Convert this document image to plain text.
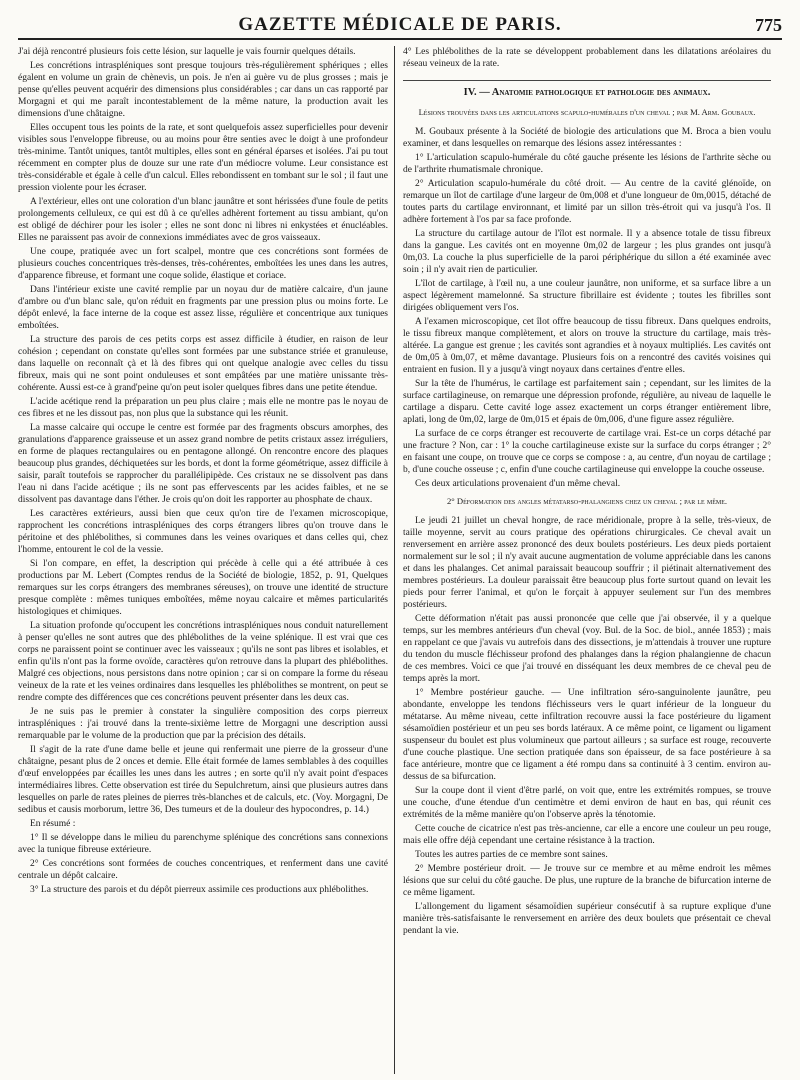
GAZETTE MÉDICALE DE PARIS.	775

J'ai déjà rencontré plusieurs fois cette lésion, sur laquelle je vais fournir quelques détails.

Les concrétions intraspléniques sont presque toujours très-régulièrement sphériques ; elles égalent en volume un grain de chènevis, un pois. Je n'en ai guère vu de plus grosses ; mais je pense qu'elles peuvent acquérir des dimensions plus considérables ; car dans un cas rapporté par Morgagni et qui me paraît incontestablement de la même nature, la production avait les dimensions d'une châtaigne.

Elles occupent tous les points de la rate, et sont quelquefois assez superficielles pour devenir visibles sous l'enveloppe fibreuse, ou au moins pour être senties avec le doigt à une profondeur très-minime. Tantôt uniques, tantôt multiples, elles sont en général éparses et isolées. J'ai pu tout récemment en compter plus de douze sur une rate d'un médiocre volume. Leur consistance est très-considérable et égale à celle d'un calcul. Elles rebondissent en tombant sur le sol ; il faut une pression violente pour les écraser.

A l'extérieur, elles ont une coloration d'un blanc jaunâtre et sont hérissées d'une foule de petits prolongements celluleux, ce qui est dû à ce qu'elles adhèrent fortement au tissu ambiant, qu'on est obligé de déchirer pour les isoler ; elles ne sont donc ni libres ni enkystées et énucléables. Elles ne paraissent pas avoir de connexions immédiates avec de gros vaisseaux.

Une coupe, pratiquée avec un fort scalpel, montre que ces concrétions sont formées de plusieurs couches concentriques très-denses, très-cohérentes, emboîtées les unes dans les autres, d'apparence fibreuse, et formant une coque solide, élastique et coriace.

Dans l'intérieur existe une cavité remplie par un noyau dur de matière calcaire, d'un jaune d'ambre ou d'un blanc sale, qu'on réduit en fragments par une pression plus ou moins forte. Le dépôt enlevé, la face interne de la coque est assez lisse, régulière et concentrique aux tuniques emboîtées.

La structure des parois de ces petits corps est assez difficile à étudier, en raison de leur cohésion ; cependant on constate qu'elles sont formées par une substance striée et granuleuse, dans laquelle on reconnaît çà et là des fibres qui ont quelque analogie avec celles du tissu fibreux, mais qui ne sont point onduleuses et sont empâtées par une matière unissante très-cohérente. Aussi est-ce à grand'peine qu'on peut isoler quelques fibres dans une petite étendue.

L'acide acétique rend la préparation un peu plus claire ; mais elle ne montre pas le noyau de ces fibres et ne les dissout pas, non plus que la substance qui les réunit.

La masse calcaire qui occupe le centre est formée par des fragments obscurs amorphes, des granulations d'apparence graisseuse et un assez grand nombre de petits cristaux assez irréguliers, en forme de plaques rectangulaires ou en pentagone allongé. On rencontre encore des plaques beaucoup plus grandes, déchiquetées sur les bords, et dont la forme géométrique, assez difficile à saisir, paraît toutefois se rapprocher du parallélipipède. Ces cristaux ne se dissolvent pas dans l'eau ni dans l'acide acétique ; ils ne sont pas effervescents par les acides faibles, et ne se dissolvent pas davantage dans l'éther. Je crois qu'on doit les rapporter au phosphate de chaux.

Les caractères extérieurs, aussi bien que ceux qu'on tire de l'examen microscopique, rapprochent les concrétions intraspléniques des corps étrangers libres qu'on trouve dans le péritoine et des phlébolithes, si communes dans les veines ovariques et dans celles qui, chez l'homme, entourent le col de la vessie.

Si l'on compare, en effet, la description qui précède à celle qui a été attribuée à ces productions par M. Lebert (Comptes rendus de la Société de biologie, 1852, p. 91, Quelques remarques sur les corps étrangers des membranes séreuses), on trouve une identité de structure presque complète : mêmes tuniques emboîtées, même noyau calcaire et mêmes particularités histologiques et chimiques.

La situation profonde qu'occupent les concrétions intraspléniques nous conduit naturellement à penser qu'elles ne sont autres que des phlébolithes de la veine splénique. Il est vrai que ces corps ne paraissent point se continuer avec les vaisseaux ; qu'ils ne sont pas libres et isolables, et enfin qu'ils n'ont pas la forme ovoïde, caractères qu'on retrouve dans la plupart des phlébolithes. Malgré ces objections, nous persistons dans notre opinion ; car si on compare la forme du réseau veineux de la rate et les veines ordinaires dans lesquelles les phlébolithes se montrent, on peut se rendre compte des différences que ces concrétions peuvent présenter dans les deux cas.

Je ne suis pas le premier à constater la singulière composition des corps pierreux intraspléniques : j'ai trouvé dans la trente-sixième lettre de Morgagni une description aussi remarquable par le volume de la production que par la précision des détails.

Il s'agit de la rate d'une dame belle et jeune qui renfermait une pierre de la grosseur d'une châtaigne, pesant plus de 2 onces et demie. Elle était formée de lames semblables à des coquilles d'œuf enveloppées par écailles les unes dans les autres ; en sorte qu'il n'y avait point d'espaces intermédiaires libres. Cette observation est tirée du Sepulchretum, ainsi que plusieurs autres dans lesquelles on parle de rates pleines de pierres très-blanches et de calculs, etc. (Voy. Morgagni, De sedibus et causis morborum, lettre 36, Des tumeurs et de la douleur des hypocondres, p. 14.)

En résumé :

1° Il se développe dans le milieu du parenchyme splénique des concrétions sans connexions avec la tunique fibreuse extérieure.

2° Ces concrétions sont formées de couches concentriques, et renferment dans une cavité centrale un dépôt calcaire.

3° La structure des parois et du dépôt pierreux assimile ces productions aux phlébolithes.

4° Les phlébolithes de la rate se développent probablement dans les dilatations aréolaires du réseau veineux de la rate.

IV. — Anatomie pathologique et pathologie des animaux.
Lésions trouvées dans les articulations scapulo-humérales d'un cheval ; par M. Arm. Goubaux.

M. Goubaux présente à la Société de biologie des articulations que M. Broca a bien voulu examiner, et dans lesquelles on remarque des lésions assez intéressantes :

1° L'articulation scapulo-humérale du côté gauche présente les lésions de l'arthrite sèche ou de l'arthrite rhumatismale chronique.

2° Articulation scapulo-humérale du côté droit. — Au centre de la cavité glénoïde, on remarque un îlot de cartilage d'une largeur de 0m,008 et d'une longueur de 0m,0015, détaché de toutes parts du cartilage environnant, et limité par un sillon très-étroit qui va jusqu'à l'os. Il adhère fortement à l'os par sa face profonde.

La structure du cartilage autour de l'îlot est normale. Il y a absence totale de tissu fibreux dans la gangue. Les cavités ont en moyenne 0m,02 de largeur ; les plus grandes ont jusqu'à 0m,03. La couche la plus superficielle de la paroi périphérique du sillon a été examinée avec soin ; il n'y avait rien de particulier.

L'îlot de cartilage, à l'œil nu, a une couleur jaunâtre, non uniforme, et sa surface libre a un aspect légèrement mamelonné. Sa structure fibrillaire est évidente ; toutes les fibrilles sont dirigées obliquement vers l'os.

A l'examen microscopique, cet îlot offre beaucoup de tissu fibreux. Dans quelques endroits, le tissu fibreux manque complètement, et alors on trouve la structure du cartilage, mais très-altérée. La gangue est grenue ; les cavités sont agrandies et à noyaux multipliés. Les cavités ont de 0m,05 à 0m,07, et même davantage. Plusieurs fois on a rencontré des cavités voisines qui entraient en fusion. Il y a jusqu'à vingt noyaux dans certaines d'entre elles.

Sur la tête de l'humérus, le cartilage est parfaitement sain ; cependant, sur les limites de la surface cartilagineuse, on remarque une dépression profonde, régulière, au niveau de laquelle le cartilage a disparu. Cette cavité loge assez exactement un corps étranger entièrement libre, aplati, long de 0m,02, large de 0m,015 et épais de 0m,006, d'une figure assez régulière.

La surface de ce corps étranger est recouverte de cartilage vrai. Est-ce un corps détaché par une fracture ? Non, car : 1° la couche cartilagineuse existe sur la surface du corps étranger ; 2° en faisant une coupe, on trouve que ce corps se compose : a, au centre, d'un noyau de cartilage ; b, d'une couche osseuse ; c, enfin d'une couche cartilagineuse qui enveloppe la couche osseuse.

Ces deux articulations provenaient d'un même cheval.

2° Déformation des angles métatarso-phalangiens chez un cheval ; par le même.

Le jeudi 21 juillet un cheval hongre, de race méridionale, propre à la selle, très-vieux, de taille moyenne, servit au cours pratique des opérations chirurgicales. Ce cheval avait un renversement en arrière assez prononcé des deux boulets postérieurs. Les deux pieds portaient normalement sur le sol ; il n'y avait aucune augmentation de volume appréciable dans les canons et dans les phalanges. Cet animal paraissait beaucoup souffrir ; il piétinait alternativement des membres postérieurs. La douleur paraissait être beaucoup plus forte surtout quand on levait les pieds pour ferrer l'animal, et qu'on le forçait à appuyer seulement sur l'un des membres postérieurs.

Cette déformation n'était pas aussi prononcée que celle que j'ai observée, il y a quelque temps, sur les membres antérieurs d'un cheval (voy. Bul. de la Soc. de biol., année 1853) ; mais en rappelant ce que j'avais vu autrefois dans des dissections, je m'attendais à trouver une rupture du tendon du muscle fléchisseur profond des phalanges dans la région phalangienne de chacun de ces membres. Voici ce que j'ai trouvé en disséquant les deux membres de ce cheval peu de temps après la mort.

1° Membre postérieur gauche. — Une infiltration séro-sanguinolente jaunâtre, peu abondante, enveloppe les tendons fléchisseurs vers le quart inférieur de la longueur du métatarse. Au même niveau, cette infiltration recouvre aussi la face postérieure du ligament sésamoïdien postérieur et un peu ses bords latéraux. A ce même point, ce ligament ou ligament suspenseur du boulet est plus volumineux que partout ailleurs ; sa surface est rouge, recouverte d'une couche plastique. Une section pratiquée dans son épaisseur, de sa face postérieure à sa face antérieure, montre que ce ligament a été rompu dans sa continuité à 3 centim. environ au-dessus de sa bifurcation.

Sur la coupe dont il vient d'être parlé, on voit que, entre les extrémités rompues, se trouve une couche, d'une étendue d'un centimètre et demi environ de haut en bas, qui réunit ces extrémités de la même manière qu'on l'observe après la ténotomie.

Cette couche de cicatrice n'est pas très-ancienne, car elle a encore une couleur un peu rouge, mais elle offre déjà cependant une certaine résistance à la traction.

Toutes les autres parties de ce membre sont saines.

2° Membre postérieur droit. — Je trouve sur ce membre et au même endroit les mêmes lésions que sur celui du côté gauche. De plus, une rupture de la branche de bifurcation interne de ce même ligament.

L'allongement du ligament sésamoïdien supérieur consécutif à sa rupture explique d'une manière très-satisfaisante le renversement en arrière des deux boulets que présentait ce cheval pendant la vie.
